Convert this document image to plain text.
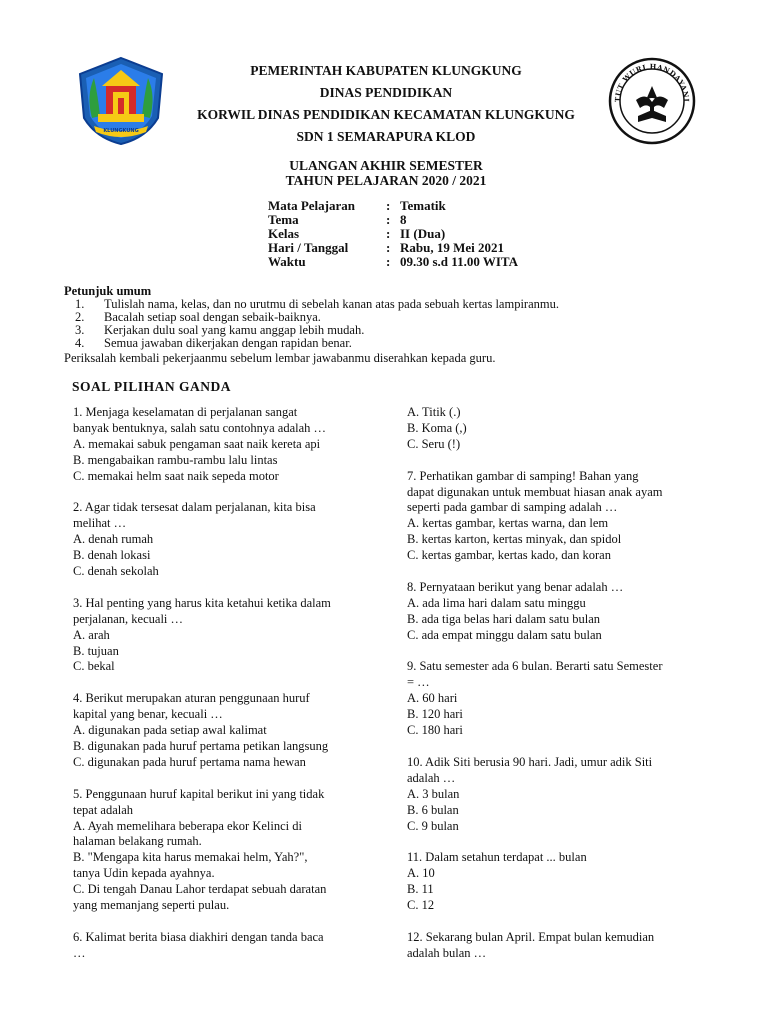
KLUNGKUNG
TUT WURI HANDAYANI
PEMERINTAH KABUPATEN KLUNGKUNG
DINAS PENDIDIKAN
KORWIL DINAS PENDIDIKAN KECAMATAN KLUNGKUNG
SDN 1 SEMARAPURA KLOD
ULANGAN AKHIR SEMESTER
TAHUN PELAJARAN 2020 / 2021
Mata Pelajaran	: Tematik
Tema	: 8
Kelas	: II (Dua)
Hari / Tanggal	: Rabu, 19 Mei 2021
Waktu	: 09.30 s.d 11.00 WITA
Petunjuk umum
1.	Tulislah nama, kelas, dan no urutmu di sebelah kanan atas pada sebuah kertas lampiranmu.
2.	Bacalah setiap soal dengan sebaik-baiknya.
3.	Kerjakan dulu soal yang kamu anggap lebih mudah.
4.	Semua jawaban dikerjakan dengan rapidan benar.
Periksalah kembali pekerjaanmu sebelum lembar jawabanmu diserahkan kepada guru.
SOAL PILIHAN GANDA
1. Menjaga keselamatan di perjalanan sangat
banyak bentuknya, salah satu contohnya adalah …
A. memakai sabuk pengaman saat naik kereta api
B. mengabaikan rambu-rambu lalu lintas
C. memakai helm saat naik sepeda motor
2. Agar tidak tersesat dalam perjalanan, kita bisa
melihat …
A. denah rumah
B. denah lokasi
C. denah sekolah
3. Hal penting yang harus kita ketahui ketika dalam
perjalanan, kecuali …
A. arah
B. tujuan
C. bekal
4. Berikut merupakan aturan penggunaan huruf
kapital yang benar, kecuali …
A. digunakan pada setiap awal kalimat
B. digunakan pada huruf pertama petikan langsung
C. digunakan pada huruf pertama nama hewan
5. Penggunaan huruf kapital berikut ini yang tidak
tepat adalah
A. Ayah memelihara beberapa ekor Kelinci di
halaman belakang rumah.
B. "Mengapa kita harus memakai helm, Yah?",
tanya Udin kepada ayahnya.
C. Di tengah Danau Lahor terdapat sebuah daratan
yang memanjang seperti pulau.
6. Kalimat berita biasa diakhiri dengan tanda baca
…
A. Titik (.)
B. Koma (,)
C. Seru (!)
7. Perhatikan gambar di samping! Bahan yang
dapat digunakan untuk membuat hiasan anak ayam
seperti pada gambar di samping adalah …
A. kertas gambar, kertas warna, dan lem
B. kertas karton, kertas minyak, dan spidol
C. kertas gambar, kertas kado, dan koran
8. Pernyataan berikut yang benar adalah …
A. ada lima hari dalam satu minggu
B. ada tiga belas hari dalam satu bulan
C. ada empat minggu dalam satu bulan
9. Satu semester ada 6 bulan. Berarti satu Semester
= …
A. 60 hari
B. 120 hari
C. 180 hari
10. Adik Siti berusia 90 hari. Jadi, umur adik Siti
adalah …
A. 3 bulan
B. 6 bulan
C. 9 bulan
11. Dalam setahun terdapat ... bulan
A. 10
B. 11
C. 12
12. Sekarang bulan April. Empat bulan kemudian
adalah bulan …
